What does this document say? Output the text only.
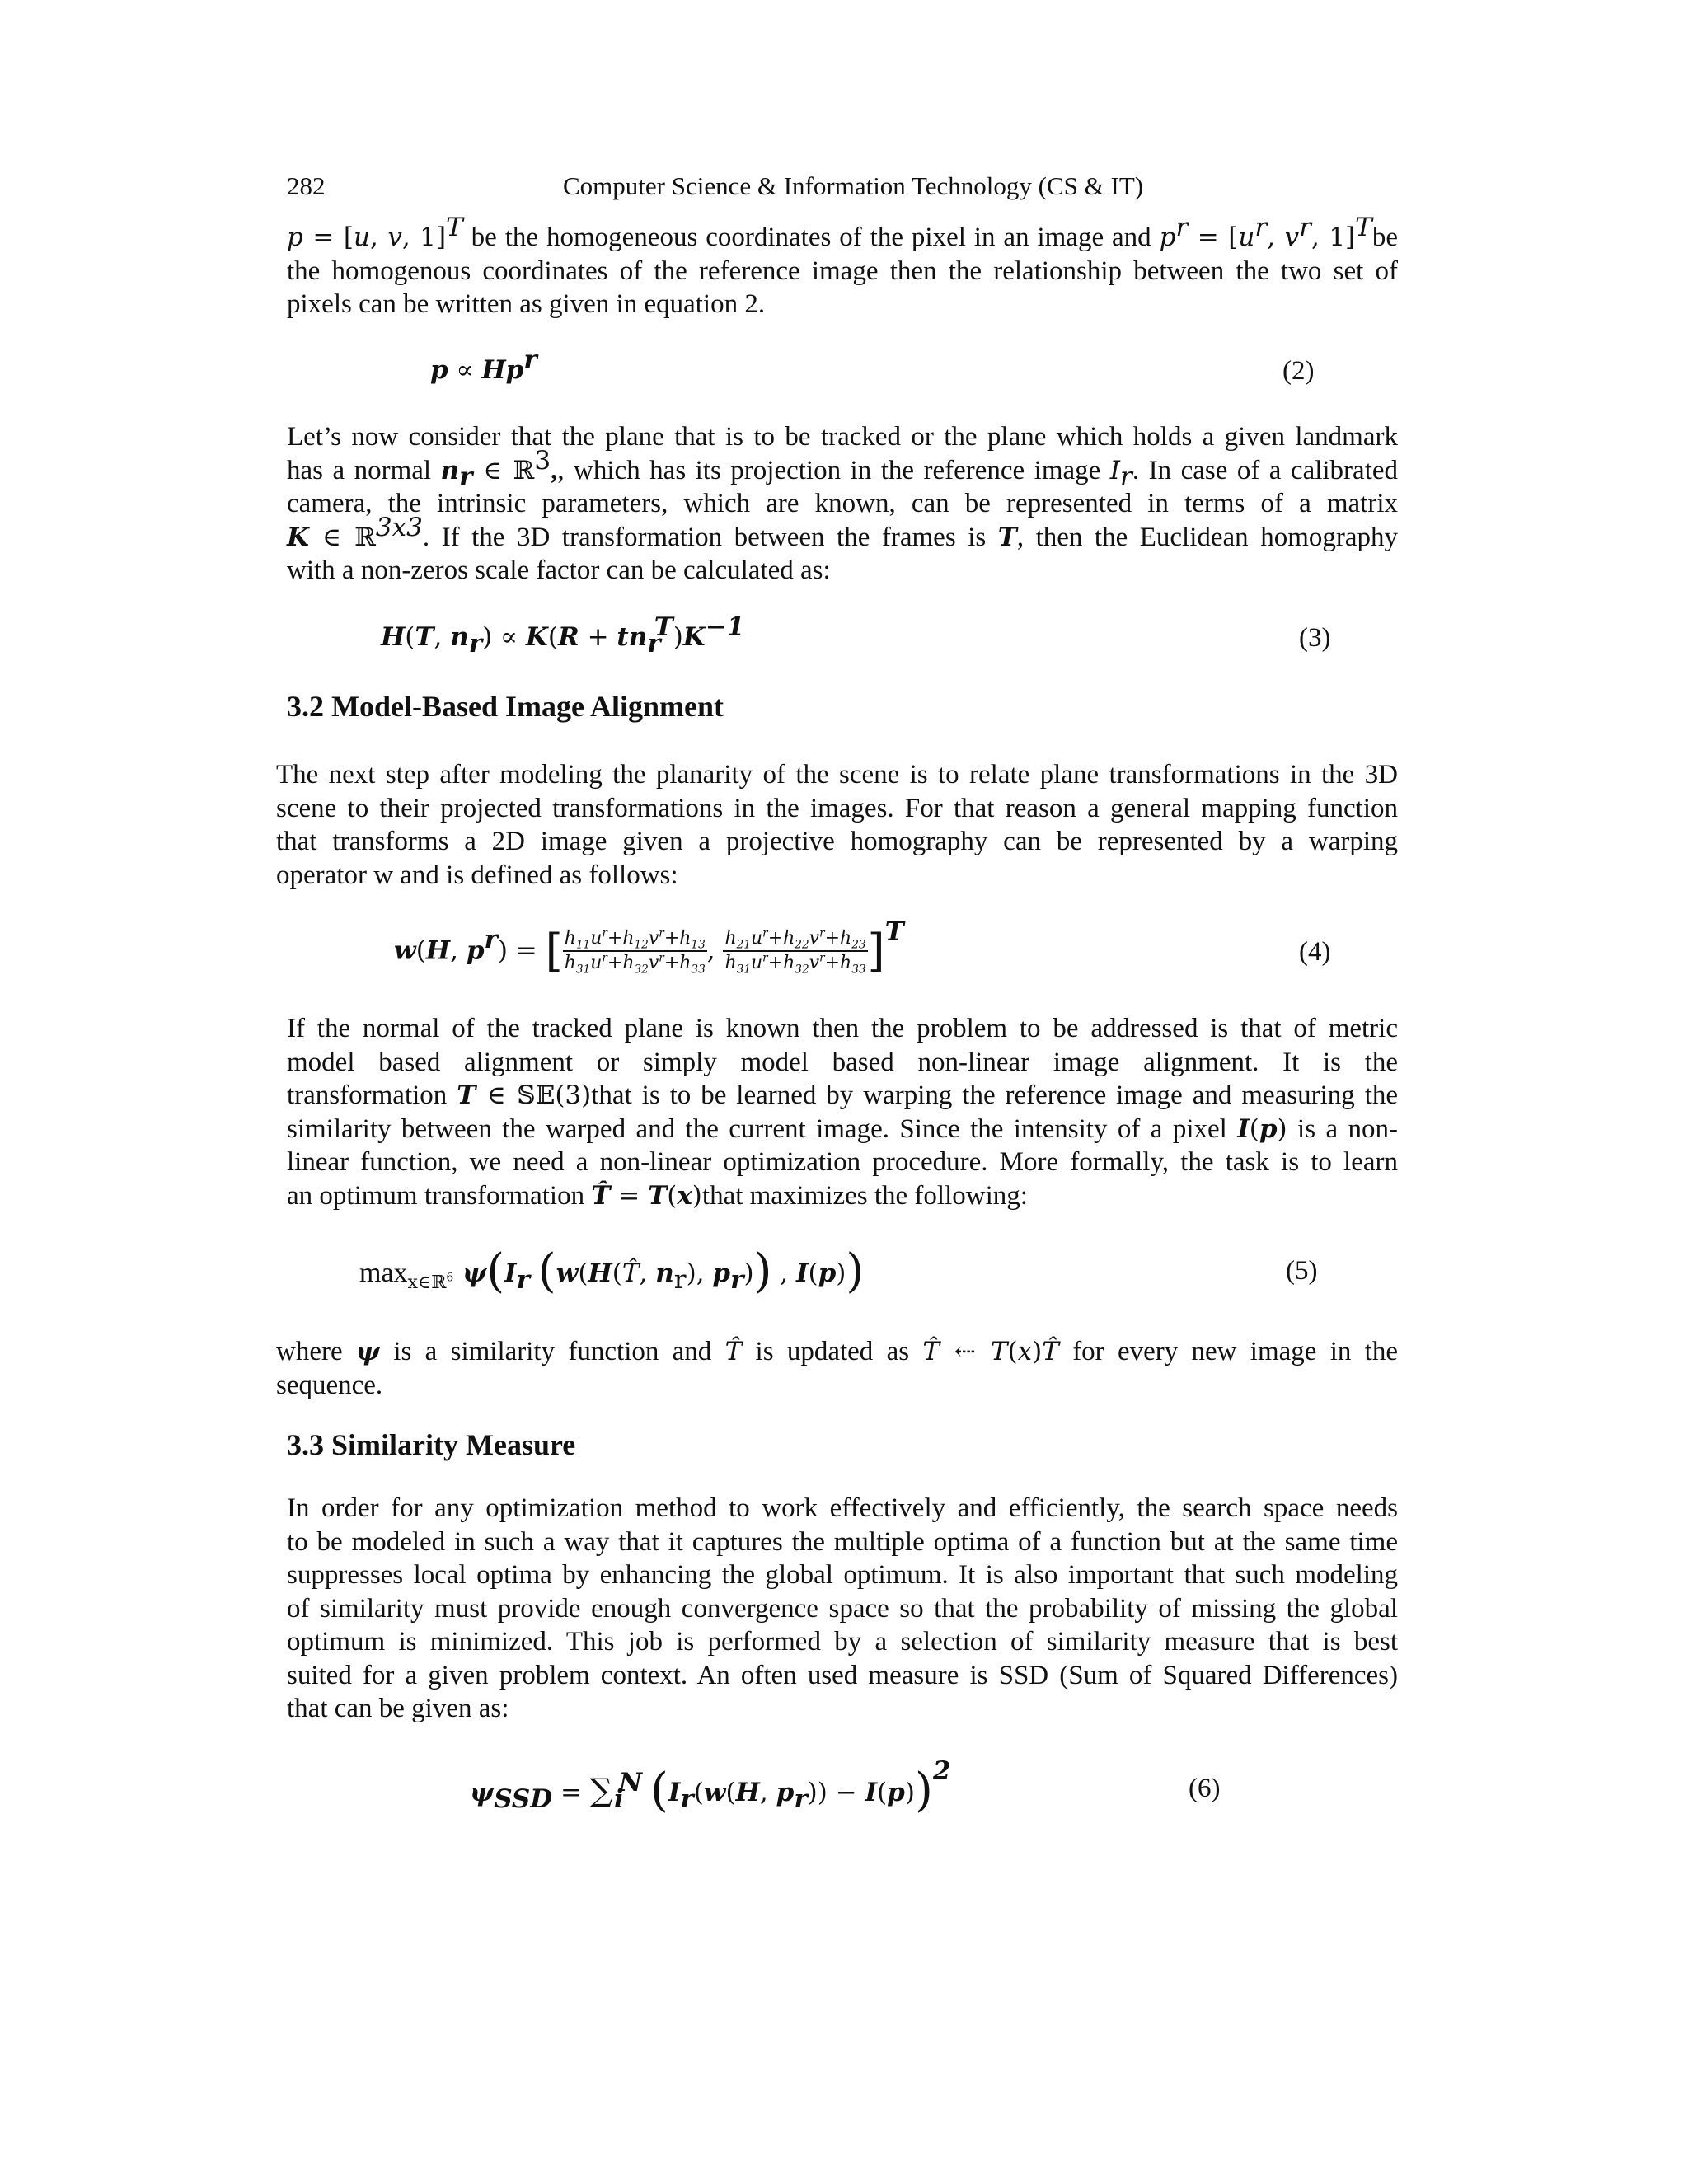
282	Computer Science & Information Technology (CS & IT)
p = [u, v, 1]$^T$ be the homogeneous coordinates of the pixel in an image and $p^r = [u^r$, $v^r$, 1]$^T$be
the homogenous coordinates of the reference image then the relationship between the two set of
pixels can be written as given in equation 2.
$p \propto Hp^r$	(2)
Let’s now consider that the plane that is to be tracked or the plane which holds a given landmark
has a normal $n_r$ ∈ ℝ$^3$,, which has its projection in the reference image $I_r$. In case of a calibrated
camera, the intrinsic parameters, which are known, can be represented in terms of a matrix
K ∈ ℝ$^{3x3}$. If the 3D transformation between the frames is T, then the Euclidean homography
with a non-zeros scale factor can be calculated as:
H(T, $n_r) \propto K(R + tn_r^T)K^{-1}$	(3)
3.2 Model-Based Image Alignment
The next step after modeling the planarity of the scene is to relate plane transformations in the 3D
scene to their projected transformations in the images. For that reason a general mapping function
that transforms a 2D image given a projective homography can be represented by a warping
operator w and is defined as follows:
w(H, $p^r$) = [ $\frac{h_{11}u^r+h_{12}v^r+h_{13}}{h_{31}u^r+h_{32}v^r+h_{33}}$ , $\frac{h_{21}u^r+h_{22}v^r+h_{23}}{h_{31}u^r+h_{32}v^r+h_{33}} ]^T$
(4)
If the normal of the tracked plane is known then the problem to be addressed is that of metric
model based alignment or simply model based non-linear image alignment. It is the
transformation T ∈ 𝕊𝔼(3)that is to be learned by warping the reference image and measuring the
similarity between the warped and the current image. Since the intensity of a pixel I(p) is a non-
linear function, we need a non-linear optimization procedure. More formally, the task is to learn
an optimum transformation T̂ = T(x)that maximizes the following:
$\max_{x\in ℝ^6} \psi(I_r$ (w(H(T̂, $n_r$), $p_r$)) , I(p))	(5)
where ψ is a similarity function and T̂ is updated as T̂ ⇠ T(x)T̂ for every new image in the
sequence.
3.3 Similarity Measure
In order for any optimization method to work effectively and efficiently, the search space needs
to be modeled in such a way that it captures the multiple optima of a function but at the same time
suppresses local optima by enhancing the global optimum. It is also important that such modeling
of similarity must provide enough convergence space so that the probability of missing the global
optimum is minimized. This job is performed by a selection of similarity measure that is best
suited for a given problem context. An often used measure is SSD (Sum of Squared Differences)
that can be given as:
$\psi_{SSD} = \sum_i^N$ ($I_r(w(H$, $p_r)) - I(p))^2$
(6)
